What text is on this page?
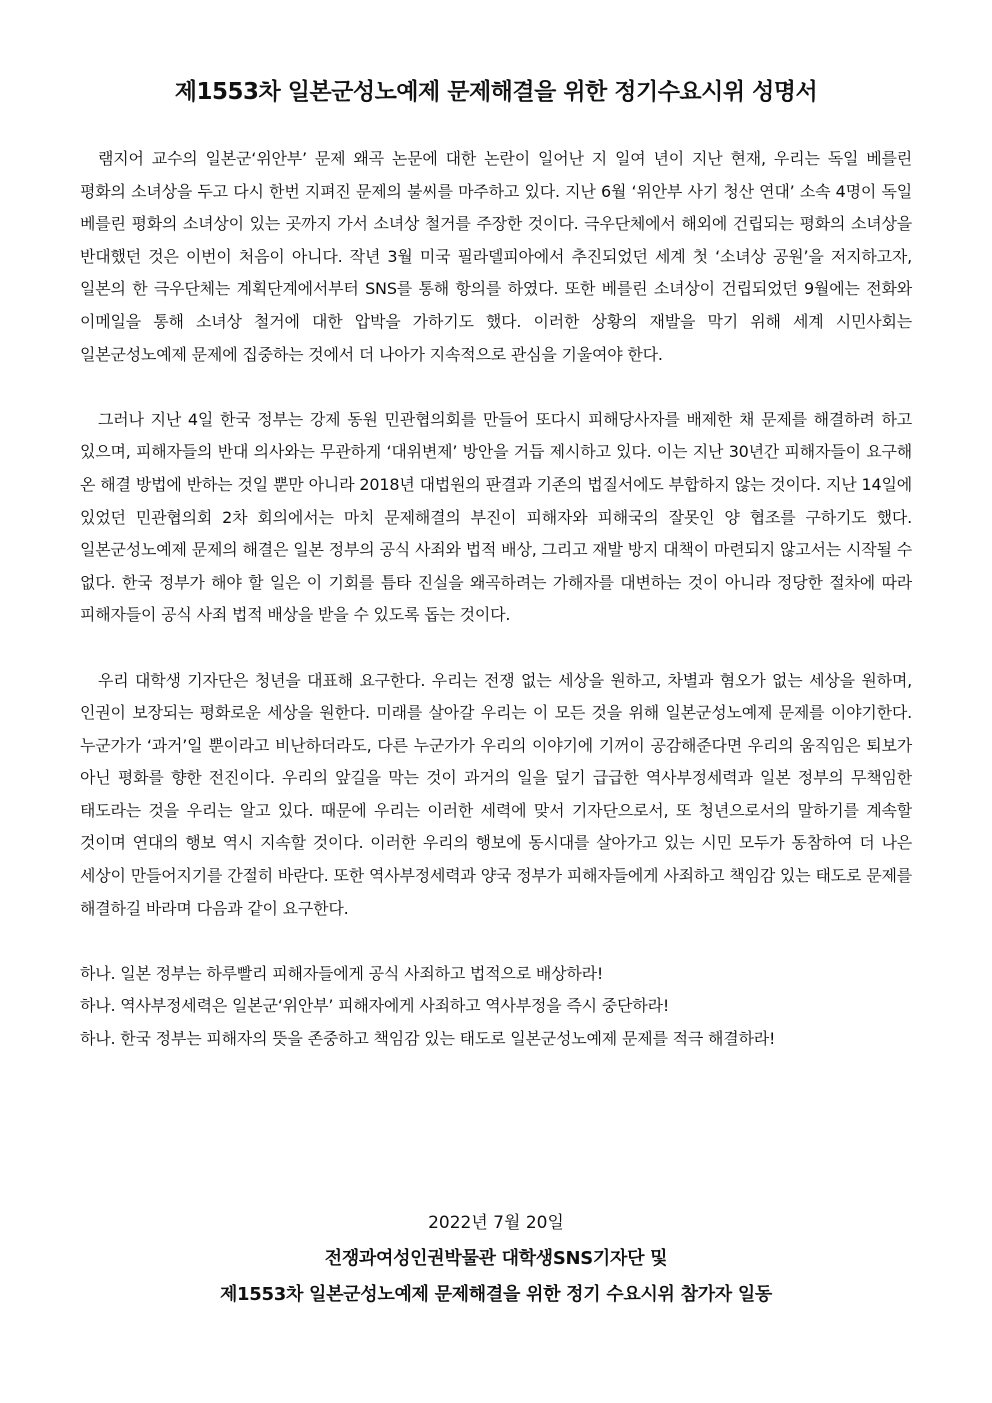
제1553차 일본군성노예제 문제해결을 위한 정기수요시위 성명서

램지어 교수의 일본군‘위안부’ 문제 왜곡 논문에 대한 논란이 일어난 지 일여 년이 지난 현재, 우리는 독일 베를린 평화의 소녀상을 두고 다시 한번 지펴진 문제의 불씨를 마주하고 있다. 지난 6월 ‘위안부 사기 청산 연대’ 소속 4명이 독일 베를린 평화의 소녀상이 있는 곳까지 가서 소녀상 철거를 주장한 것이다. 극우단체에서 해외에 건립되는 평화의 소녀상을 반대했던 것은 이번이 처음이 아니다. 작년 3월 미국 필라델피아에서 추진되었던 세계 첫 ‘소녀상 공원’을 저지하고자, 일본의 한 극우단체는 계획단계에서부터 SNS를 통해 항의를 하였다. 또한 베를린 소녀상이 건립되었던 9월에는 전화와 이메일을 통해 소녀상 철거에 대한 압박을 가하기도 했다. 이러한 상황의 재발을 막기 위해 세계 시민사회는 일본군성노예제 문제에 집중하는 것에서 더 나아가 지속적으로 관심을 기울여야 한다.

그러나 지난 4일 한국 정부는 강제 동원 민관협의회를 만들어 또다시 피해당사자를 배제한 채 문제를 해결하려 하고 있으며, 피해자들의 반대 의사와는 무관하게 ‘대위변제’ 방안을 거듭 제시하고 있다. 이는 지난 30년간 피해자들이 요구해 온 해결 방법에 반하는 것일 뿐만 아니라 2018년 대법원의 판결과 기존의 법질서에도 부합하지 않는 것이다. 지난 14일에 있었던 민관협의회 2차 회의에서는 마치 문제해결의 부진이 피해자와 피해국의 잘못인 양 협조를 구하기도 했다. 일본군성노예제 문제의 해결은 일본 정부의 공식 사죄와 법적 배상, 그리고 재발 방지 대책이 마련되지 않고서는 시작될 수 없다. 한국 정부가 해야 할 일은 이 기회를 틈타 진실을 왜곡하려는 가해자를 대변하는 것이 아니라 정당한 절차에 따라 피해자들이 공식 사죄 법적 배상을 받을 수 있도록 돕는 것이다.

우리 대학생 기자단은 청년을 대표해 요구한다. 우리는 전쟁 없는 세상을 원하고, 차별과 혐오가 없는 세상을 원하며, 인권이 보장되는 평화로운 세상을 원한다. 미래를 살아갈 우리는 이 모든 것을 위해 일본군성노예제 문제를 이야기한다. 누군가가 ‘과거’일 뿐이라고 비난하더라도, 다른 누군가가 우리의 이야기에 기꺼이 공감해준다면 우리의 움직임은 퇴보가 아닌 평화를 향한 전진이다. 우리의 앞길을 막는 것이 과거의 일을 덮기 급급한 역사부정세력과 일본 정부의 무책임한 태도라는 것을 우리는 알고 있다. 때문에 우리는 이러한 세력에 맞서 기자단으로서, 또 청년으로서의 말하기를 계속할 것이며 연대의 행보 역시 지속할 것이다. 이러한 우리의 행보에 동시대를 살아가고 있는 시민 모두가 동참하여 더 나은 세상이 만들어지기를 간절히 바란다. 또한 역사부정세력과 양국 정부가 피해자들에게 사죄하고 책임감 있는 태도로 문제를 해결하길 바라며 다음과 같이 요구한다.

하나. 일본 정부는 하루빨리 피해자들에게 공식 사죄하고 법적으로 배상하라!
하나. 역사부정세력은 일본군‘위안부’ 피해자에게 사죄하고 역사부정을 즉시 중단하라!
하나. 한국 정부는 피해자의 뜻을 존중하고 책임감 있는 태도로 일본군성노예제 문제를 적극 해결하라!
2022년 7월 20일
전쟁과여성인권박물관 대학생SNS기자단 및
제1553차 일본군성노예제 문제해결을 위한 정기 수요시위 참가자 일동
